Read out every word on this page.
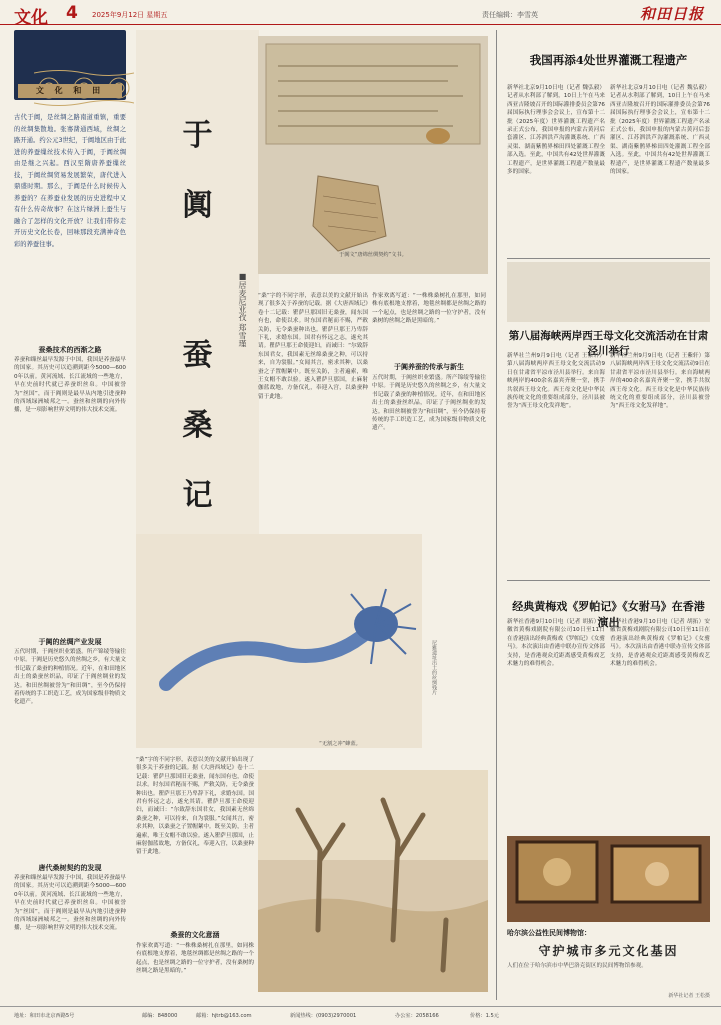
文化 4 2025年9月12日 星期五	责任编辑：李雪英	和田日报
文 化 和 田
古代于阗，是丝绸之路南道重镇，重要的丝绸集散地。张骞凿通西域，丝绸之路开通。约公元3世纪，于阗地区由于此进的养蚕缫丝技术传入于阗，于阗丝绸由是继之兴起。西汉至隋唐养蚕缫丝技，于阗丝绸贸易发展繁荣，唐代进入鼎盛时期。那么，于阗是什么时候传入养蚕的？在养蚕业发展的历史进程中又有什么传奇故事？在这片绿洲上蚕生与融合了怎样的文化开放？让我们带你走开历史文化长卷，回味那段充满神奇色彩的养蚕往事。
蚕桑技术的西渐之路
养蚕和缫丝最早发源于中国，我国是养蚕最早的国家。其历史可以追溯到距今5000—6000年以前。黄河流域、长江流域的一些地方，早在史前时代就已养蚕织丝帛。中国被誉为“丝国”，而于阗则是最早从内地引进蚕种的西域绿洲城邦之一。蚕丝和丝绸的向外传播，是一项影响世界文明的伟大技术交流。
于阗的丝绸产业发展
五代时期，于阗丝织业繁盛。所产锦绫等输往中原。于阗是历史悠久的丝绸之乡，有大量文书记载了桑蚕的种植情况。近年，在和田地区出土的桑蚕丝织品，印证了于阗丝绸业的发达。和田丝绸被誉为“和田绸”，至今仍保持着传统的手工织造工艺，成为国家级非物质文化遗产。
唐代桑树契约的发现
养蚕和缫丝最早发源于中国，我国是养蚕最早的国家。其历史可以追溯到距今5000—6000年以前。黄河流域、长江流域的一些地方，早在史前时代就已养蚕织丝帛。中国被誉为“丝国”，而于阗则是最早从内地引进蚕种的西域绿洲城邦之一。蚕丝和丝绸的向外传播，是一项影响世界文明的伟大技术交流。
于
阗
蚕
桑
记
■居麦尼亚孜 郑雪瑾
于阗文“唐绵丝绸契约”文书。
“桑”字的不同字形，表意以美的文献开始出现了很多关于养蚕的记载。据《大唐西域记》卷十二记载：瞿萨旦那国旧无桑蚕，闻东国有也，命使以求。时东国君秘而不赐，严敕关防，无令桑蚕种出也。瞿萨旦那王乃卑辞下礼，求婚东国。国君有怀远之志，遂允其请。瞿萨旦那王命使迎妇，而诫曰：“尔致辞东国君女，我国素无丝绵桑蚕之种，可以持来，自为裳服。”女闻其言，密求其种，以桑蚕之子置帽絮中。既至关防，主者遍索，唯王女帽不敢以验。遂入瞿萨旦那国，止麻射伽蓝故地，方备仪礼，奉迎入宫，以桑蚕种留于此地。
作家欢离写道：“一株株桑树扎在那里，如同株有底根地支撑着，地毯丝绸都是丝绸之路的一个起点，也是丝绸之路的一位守护者，没有桑树的丝绸之路是黑暗的。”
于阗养蚕的传承与新生
五代时期，于阗丝织业繁盛。所产锦绫等输往中原。于阗是历史悠久的丝绸之乡，有大量文书记载了桑蚕的种植情况。近年，在和田地区出土的桑蚕丝织品，印证了于阗丝绸业的发达。和田丝绸被誉为“和田绸”，至今仍保持着传统的手工织造工艺，成为国家级非物质文化遗产。
“无割之冲”蜂蓝。
尼雅遗址出土的丝绸残片
“桑”字的不同字形，表意以美的文献开始出现了很多关于养蚕的记载。据《大唐西域记》卷十二记载：瞿萨旦那国旧无桑蚕，闻东国有也，命使以求。时东国君秘而不赐，严敕关防，无令桑蚕种出也。瞿萨旦那王乃卑辞下礼，求婚东国。国君有怀远之志，遂允其请。瞿萨旦那王命使迎妇，而诫曰：“尔致辞东国君女，我国素无丝绵桑蚕之种，可以持来，自为裳服。”女闻其言，密求其种，以桑蚕之子置帽絮中。既至关防，主者遍索，唯王女帽不敢以验。遂入瞿萨旦那国，止麻射伽蓝故地，方备仪礼，奉迎入宫，以桑蚕种留于此地。
桑蚕的文化意涵
作家欢离写道：“一株株桑树扎在那里，如同株有底根地支撑着，地毯丝绸都是丝绸之路的一个起点，也是丝绸之路的一位守护者，没有桑树的丝绸之路是黑暗的。”
我国再添4处世界灌溉工程遗产
新华社北京9月10日电（记者 魏弘毅）记者从水利部了解到，10日上午在马来西亚吉隆坡召开的国际灌排委员会第76届国际执行理事会会议上，宣布第十二批（2025年度）世界灌溉工程遗产名录正式公布，我国申报的内蒙古黄河后套灌区、江苏泗洪芦沟灌溉系统、广西灵渠、湖南紫鹊界梯田四处灌溉工程全部入选。至此，中国共有42处世界灌溉工程遗产，是世界灌溉工程遗产数量最多的国家。
新华社北京9月10日电（记者 魏弘毅）记者从水利部了解到，10日上午在马来西亚吉隆坡召开的国际灌排委员会第76届国际执行理事会会议上，宣布第十二批（2025年度）世界灌溉工程遗产名录正式公布，我国申报的内蒙古黄河后套灌区、江苏泗洪芦沟灌溉系统、广西灵渠、湖南紫鹊界梯田四处灌溉工程全部入选。至此，中国共有42处世界灌溉工程遗产，是世界灌溉工程遗产数量最多的国家。
第八届海峡两岸西王母文化交流活动在甘肃泾川举行
新华社兰州9月9日电（记者 王紫轩）第八届海峡两岸西王母文化交流活动9日在甘肃省平凉市泾川县举行。来自海峡两岸的400余名嘉宾齐聚一堂，携手共叙西王母文化。西王母文化是中华民族传统文化的重要组成部分，泾川县被誉为“西王母文化发祥地”。
新华社兰州9月9日电（记者 王紫轩）第八届海峡两岸西王母文化交流活动9日在甘肃省平凉市泾川县举行。来自海峡两岸的400余名嘉宾齐聚一堂，携手共叙西王母文化。西王母文化是中华民族传统文化的重要组成部分，泾川县被誉为“西王母文化发祥地”。
经典黄梅戏《罗帕记》《女驸马》在香港演出
新华社香港9月10日电（记者 胡拓）安徽省黄梅戏剧院有限公司10日至11日在香港演出经典黄梅戏《罗帕记》《女驸马》。本次演出由香港中联办宣传文体部支持，是香港观众近距离感受黄梅戏艺术魅力的难得机会。
新华社香港9月10日电（记者 胡拓）安徽省黄梅戏剧院有限公司10日至11日在香港演出经典黄梅戏《罗帕记》《女驸马》。本次演出由香港中联办宣传文体部支持，是香港观众近距离感受黄梅戏艺术魅力的难得机会。
哈尔滨公益性民间博物馆：
守护城市多元文化基因
人们在位于哈尔滨市中华巴洛克街区的民间博物馆参观。
新华社记者 王松摄
地址：和田市北京西路5号	邮编：848000	邮箱：hjtrb@163.com	新闻热线：(0903)2970001	办公室：2058166	价格：1.5元
